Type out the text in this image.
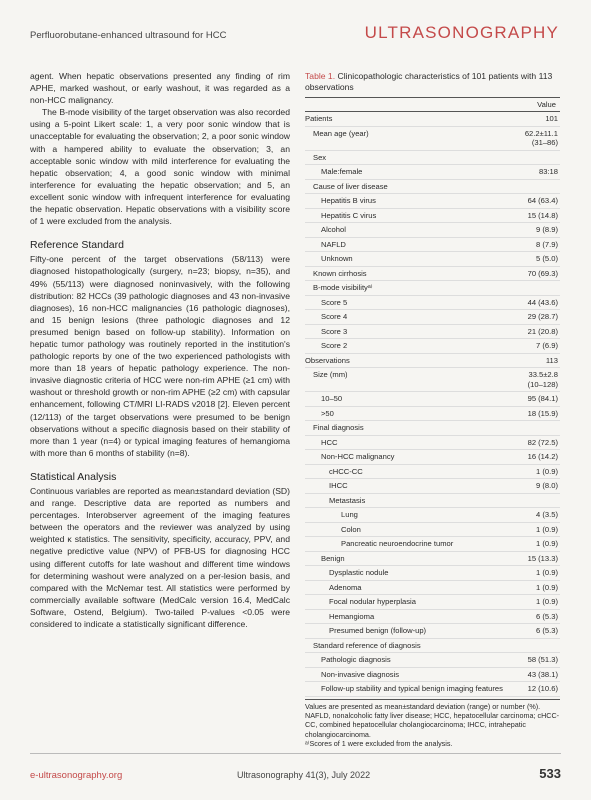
Perfluorobutane-enhanced ultrasound for HCC	ULTRASONOGRAPHY

agent. When hepatic observations presented any finding of rim APHE, marked washout, or early washout, it was regarded as a non-HCC malignancy.

The B-mode visibility of the target observation was also recorded using a 5-point Likert scale: 1, a very poor sonic window that is unacceptable for evaluating the observation; 2, a poor sonic window with a hampered ability to evaluate the observation; 3, an acceptable sonic window with mild interference for evaluating the hepatic observation; 4, a good sonic window with minimal interference for evaluating the hepatic observation; and 5, an excellent sonic window with infrequent interference for evaluating the hepatic observation. Hepatic observations with a visibility score of 1 were excluded from the analysis.

Reference Standard

Fifty-one percent of the target observations (58/113) were diagnosed histopathologically (surgery, n=23; biopsy, n=35), and 49% (55/113) were diagnosed noninvasively, with the following distribution: 82 HCCs (39 pathologic diagnoses and 43 non-invasive diagnoses), 16 non-HCC malignancies (16 pathologic diagnoses), and 15 benign lesions (three pathologic diagnoses and 12 presumed benign based on follow-up stability). Information on hepatic tumor pathology was routinely reported in the institution's pathologic reports by one of the two experienced pathologists with more than 18 years of hepatic pathology experience. The non-invasive diagnostic criteria of HCC were non-rim APHE (≥1 cm) with washout or threshold growth or non-rim APHE (≥2 cm) with capsular enhancement, following CT/MRI LI-RADS v2018 [2]. Eleven percent (12/113) of the target observations were presumed to be benign observations without a specific diagnosis based on their stability of more than 1 year (n=4) or typical imaging features of hemangioma with more than 6 months of stability (n=8).

Statistical Analysis

Continuous variables are reported as mean±standard deviation (SD) and range. Descriptive data are reported as numbers and percentages. Interobserver agreement of the imaging features between the operators and the reviewer was analyzed by using weighted κ statistics. The sensitivity, specificity, accuracy, PPV, and negative predictive value (NPV) of PFB-US for diagnosing HCC using different cutoffs for late washout and different time windows for determining washout were analyzed on a per-lesion basis, and compared with the McNemar test. All statistics were performed by commercially available software (MedCalc version 16.4, MedCalc Software, Ostend, Belgium). Two-tailed P-values <0.05 were considered to indicate a statistically significant difference.

Table 1. Clinicopathologic characteristics of 101 patients with 113 observations
	Value
Patients	101
Mean age (year)	62.2±11.1
(31–86)
Sex	
Male:female	83:18
Cause of liver disease	
Hepatitis B virus	64 (63.4)
Hepatitis C virus	15 (14.8)
Alcohol	9 (8.9)
NAFLD	8 (7.9)
Unknown	5 (5.0)
Known cirrhosis	70 (69.3)
B-mode visibilityᵃ⁾	
Score 5	44 (43.6)
Score 4	29 (28.7)
Score 3	21 (20.8)
Score 2	7 (6.9)
Observations	113
Size (mm)	33.5±2.8
(10–128)
10–50	95 (84.1)
>50	18 (15.9)
Final diagnosis	
HCC	82 (72.5)
Non-HCC malignancy	16 (14.2)
cHCC-CC	1 (0.9)
IHCC	9 (8.0)
Metastasis	
Lung	4 (3.5)
Colon	1 (0.9)
Pancreatic neuroendocrine tumor	1 (0.9)
Benign	15 (13.3)
Dysplastic nodule	1 (0.9)
Adenoma	1 (0.9)
Focal nodular hyperplasia	1 (0.9)
Hemangioma	6 (5.3)
Presumed benign (follow-up)	6 (5.3)
Standard reference of diagnosis	
Pathologic diagnosis	58 (51.3)
Non-invasive diagnosis	43 (38.1)
Follow-up stability and typical benign imaging features	12 (10.6)
Values are presented as mean±standard deviation (range) or number (%).
NAFLD, nonalcoholic fatty liver disease; HCC, hepatocellular carcinoma; cHCC-CC, combined hepatocellular cholangiocarcinoma; IHCC, intrahepatic cholangiocarcinoma.
ᵃ⁾Scores of 1 were excluded from the analysis.
e-ultrasonography.org	Ultrasonography 41(3), July 2022	533
